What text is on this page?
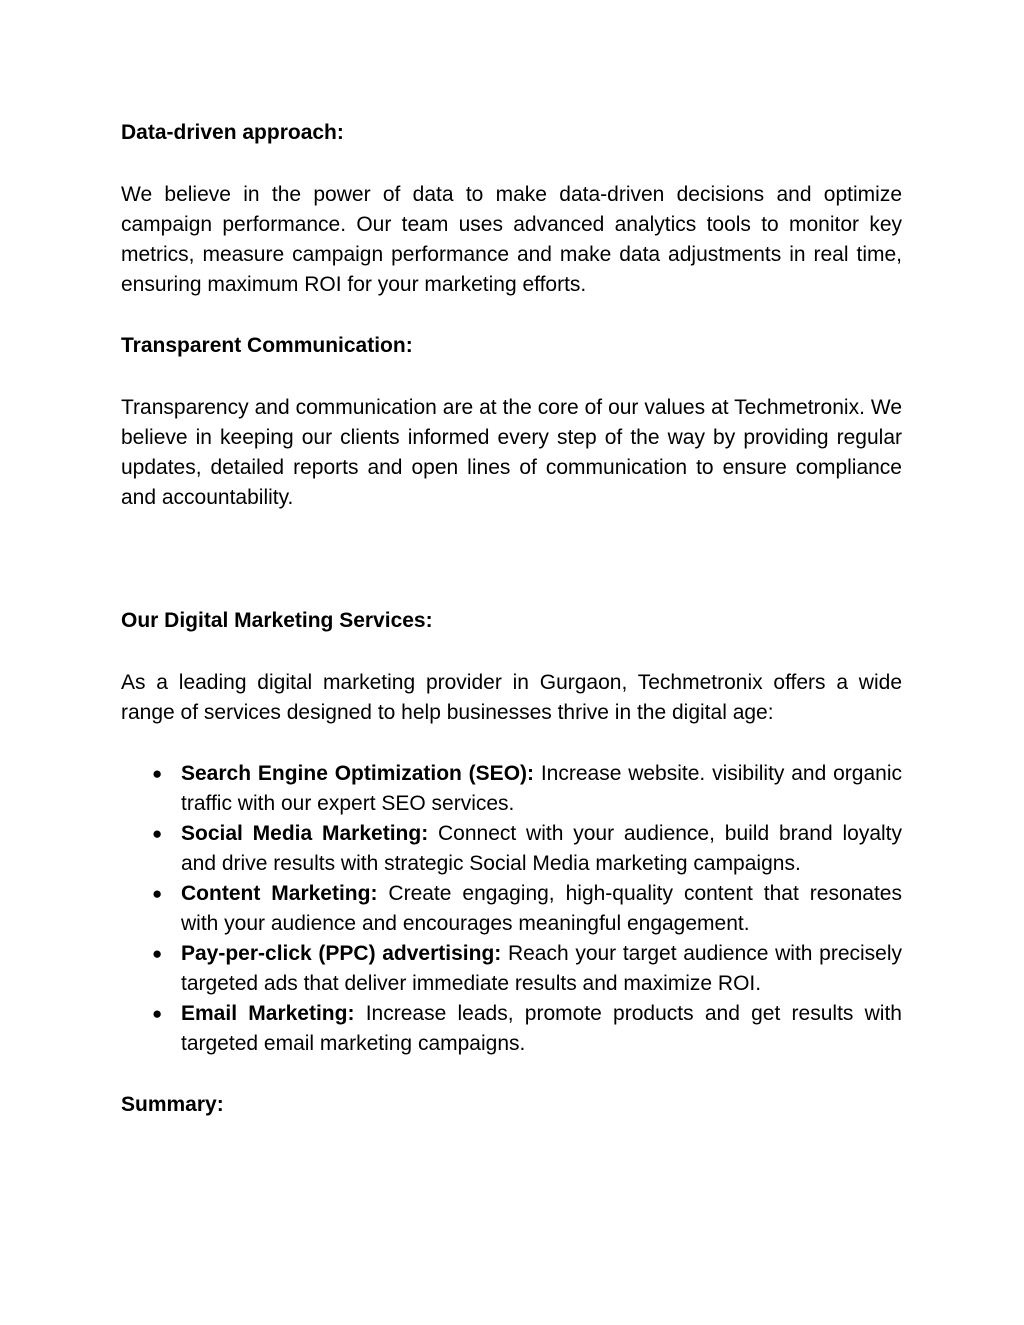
Data-driven approach:

We believe in the power of data to make data-driven decisions and optimize campaign performance. Our team uses advanced analytics tools to monitor key metrics, measure campaign performance and make data adjustments in real time, ensuring maximum ROI for your marketing efforts.

Transparent Communication:

Transparency and communication are at the core of our values at Techmetronix. We believe in keeping our clients informed every step of the way by providing regular updates, detailed reports and open lines of communication to ensure compliance and accountability.

Our Digital Marketing Services:

As a leading digital marketing provider in Gurgaon, Techmetronix offers a wide range of services designed to help businesses thrive in the digital age:

● Search Engine Optimization (SEO): Increase website. visibility and organic traffic with our expert SEO services.
● Social Media Marketing: Connect with your audience, build brand loyalty and drive results with strategic Social Media marketing campaigns.
● Content Marketing: Create engaging, high-quality content that resonates with your audience and encourages meaningful engagement.
● Pay-per-click (PPC) advertising: Reach your target audience with precisely targeted ads that deliver immediate results and maximize ROI.
● Email Marketing: Increase leads, promote products and get results with targeted email marketing campaigns.
Summary:
